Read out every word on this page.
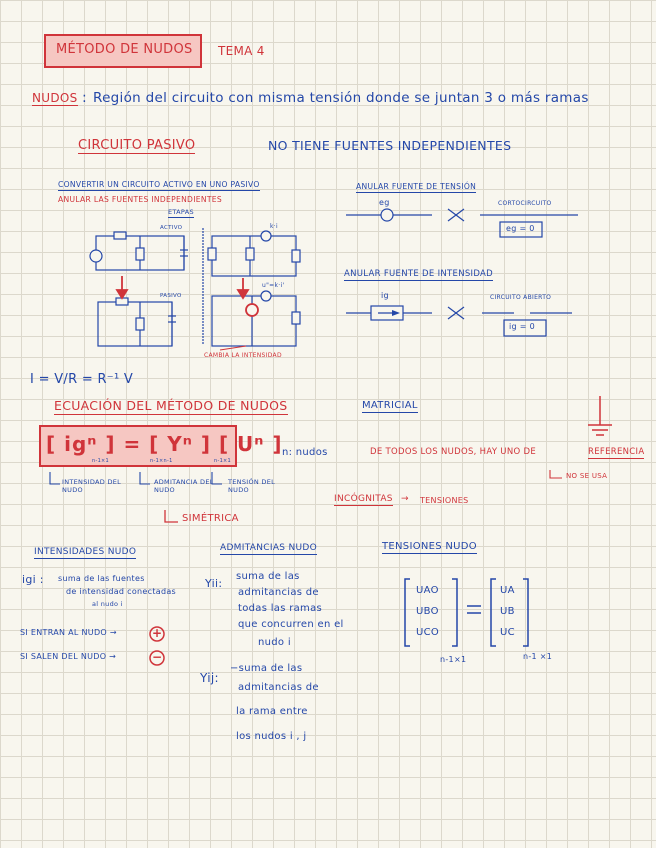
MÉTODO DE NUDOS TEMA 4
NUDOS : Región del circuito con misma tensión donde se juntan 3 o más ramas
CIRCUITO PASIVO	NO TIENE FUENTES INDEPENDIENTES
CONVERTIR UN CIRCUITO ACTIVO EN UNO PASIVO
ANULAR LAS FUENTES INDEPENDIENTES
ETAPAS
CAMBIA LA INTENSIDAD
ACTIVO
PASIVO
u"=k·i'
k·i
ANULAR FUENTE DE TENSIÓN
eg	CORTOCIRCUITO
eg = 0
ANULAR FUENTE DE INTENSIDAD
ig	CIRCUITO ABIERTO
ig = 0
I = V/R = R⁻¹ V
ECUACIÓN DEL MÉTODO DE NUDOS	MATRICIAL
[ igⁿ ] = [ Yⁿ ] [ Uⁿ ]
n-1×1	n-1×n-1	n-1×1
n: nudos	DE TODOS LOS NUDOS, HAY UNO DE	REFERENCIA
NO SE USA
INTENSIDAD DEL NUDO
ADMITANCIA DEL NUDO
TENSIÓN DEL NUDO
SIMÉTRICA
INCÓGNITAS → TENSIONES
INTENSIDADES NUDO
igi : suma de las fuentes
de intensidad conectadas
al nudo i
SI ENTRAN AL NUDO →
SI SALEN DEL NUDO →
+
−
ADMITANCIAS NUDO
Yii:
suma de las
admitancias de
todas las ramas
que concurren en el
nudo i
Yij:
−suma de las
admitancias de
la rama entre
los nudos i , j
TENSIONES NUDO
UAO
UBO
UCO
UA
UB
UC
n-1×1	n-1 ×1
